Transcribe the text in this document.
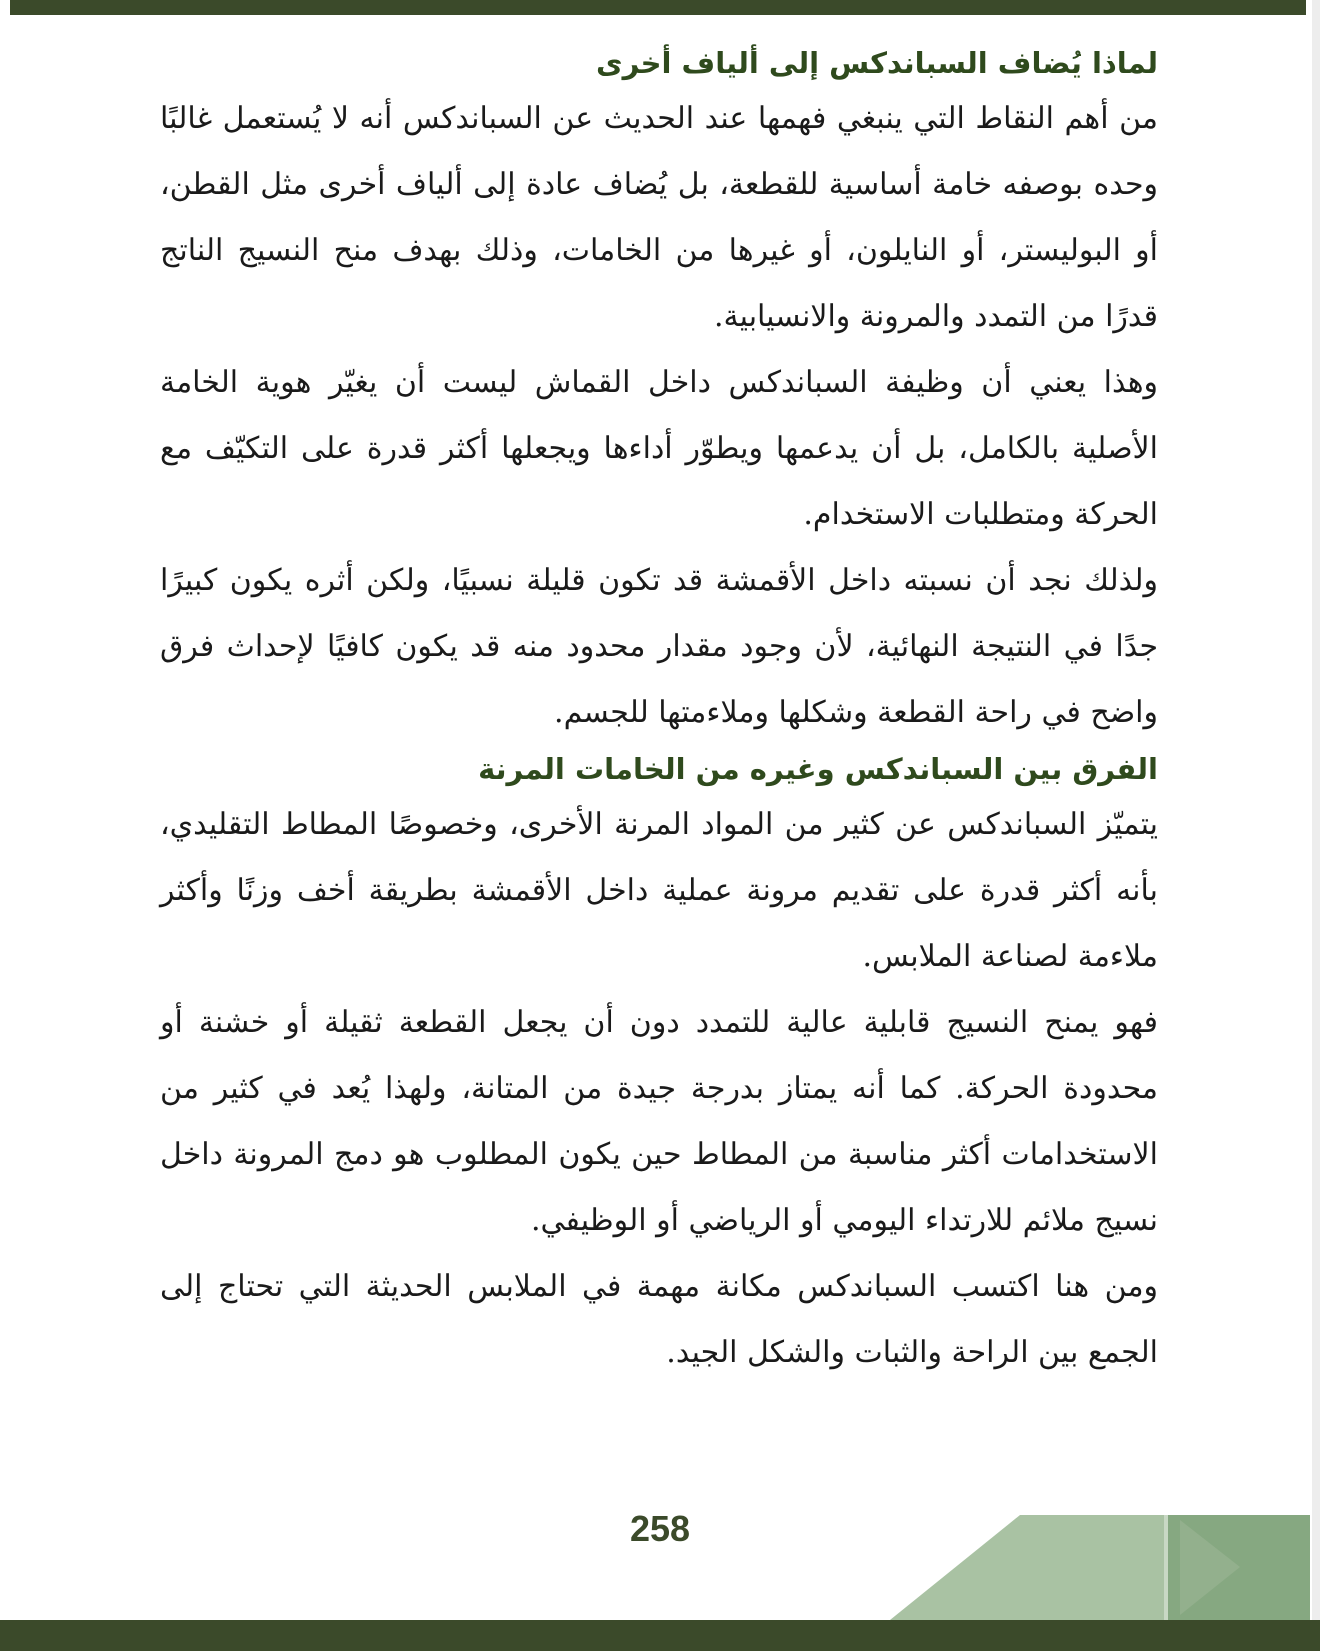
لماذا يُضاف السباندكس إلى ألياف أخرى

من أهم النقاط التي ينبغي فهمها عند الحديث عن السباندكس أنه لا يُستعمل غالبًا وحده بوصفه خامة أساسية للقطعة، بل يُضاف عادة إلى ألياف أخرى مثل القطن، أو البوليستر، أو النايلون، أو غيرها من الخامات، وذلك بهدف منح النسيج الناتج قدرًا من التمدد والمرونة والانسيابية.

وهذا يعني أن وظيفة السباندكس داخل القماش ليست أن يغيّر هوية الخامة الأصلية بالكامل، بل أن يدعمها ويطوّر أداءها ويجعلها أكثر قدرة على التكيّف مع الحركة ومتطلبات الاستخدام.

ولذلك نجد أن نسبته داخل الأقمشة قد تكون قليلة نسبيًا، ولكن أثره يكون كبيرًا جدًا في النتيجة النهائية، لأن وجود مقدار محدود منه قد يكون كافيًا لإحداث فرق واضح في راحة القطعة وشكلها وملاءمتها للجسم.

الفرق بين السباندكس وغيره من الخامات المرنة

يتميّز السباندكس عن كثير من المواد المرنة الأخرى، وخصوصًا المطاط التقليدي، بأنه أكثر قدرة على تقديم مرونة عملية داخل الأقمشة بطريقة أخف وزنًا وأكثر ملاءمة لصناعة الملابس.

فهو يمنح النسيج قابلية عالية للتمدد دون أن يجعل القطعة ثقيلة أو خشنة أو محدودة الحركة. كما أنه يمتاز بدرجة جيدة من المتانة، ولهذا يُعد في كثير من الاستخدامات أكثر مناسبة من المطاط حين يكون المطلوب هو دمج المرونة داخل نسيج ملائم للارتداء اليومي أو الرياضي أو الوظيفي.

ومن هنا اكتسب السباندكس مكانة مهمة في الملابس الحديثة التي تحتاج إلى الجمع بين الراحة والثبات والشكل الجيد.

258
